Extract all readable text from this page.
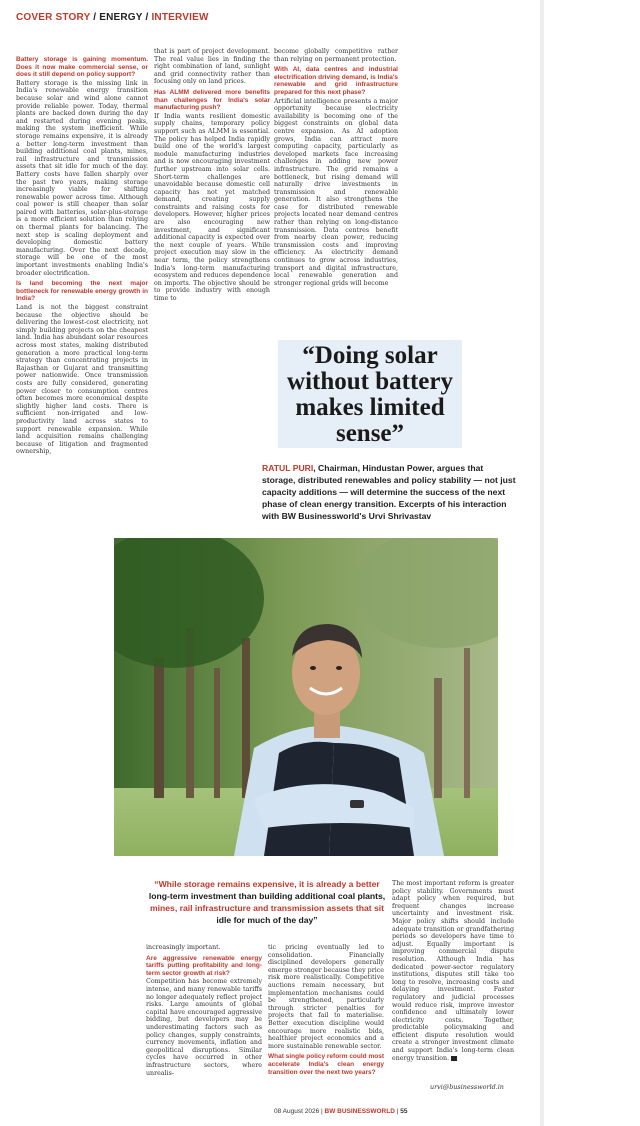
COVER STORY / ENERGY / INTERVIEW
Battery storage is gaining momentum. Does it now make commercial sense, or does it still depend on policy support?

Battery storage is the missing link in India's renewable energy transition because solar and wind alone cannot provide reliable power. Today, thermal plants are backed down during the day and restarted during evening peaks, making the system inefficient. While storage remains expensive, it is already a better long-term investment than building additional coal plants, mines, rail infrastructure and transmission assets that sit idle for much of the day. Battery costs have fallen sharply over the past two years, making storage increasingly viable for shifting renewable power across time. Although coal power is still cheaper than solar paired with batteries, solar-plus-storage is a more efficient solution than relying on thermal plants for balancing. The next step is scaling deployment and developing domestic battery manufacturing. Over the next decade, storage will be one of the most important investments enabling India's broader electrification.

Is land becoming the next major bottleneck for renewable energy growth in India?

Land is not the biggest constraint because the objective should be delivering the lowest-cost electricity, not simply building projects on the cheapest land. India has abundant solar resources across most states, making distributed generation a more practical long-term strategy than concentrating projects in Rajasthan or Gujarat and transmitting power nationwide. Once transmission costs are fully considered, generating power closer to consumption centres often becomes more economical despite slightly higher land costs. There is sufficient non-irrigated and low-productivity land across states to support renewable expansion. While land acquisition remains challenging because of litigation and fragmented ownership,

that is part of project development. The real value lies in finding the right combination of land, sunlight and grid connectivity rather than focusing only on land prices.

Has ALMM delivered more benefits than challenges for India's solar manufacturing push?

If India wants resilient domestic supply chains, temporary policy support such as ALMM is essential. The policy has helped India rapidly build one of the world's largest module manufacturing industries and is now encouraging investment further upstream into solar cells. Short-term challenges are unavoidable because domestic cell capacity has not yet matched demand, creating supply constraints and raising costs for developers. However, higher prices are also encouraging new investment, and significant additional capacity is expected over the next couple of years. While project execution may slow in the near term, the policy strengthens India's long-term manufacturing ecosystem and reduces dependence on imports. The objective should be to provide industry with enough time to

become globally competitive rather than relying on permanent protection.

With AI, data centres and industrial electrification driving demand, is India's renewable and grid infrastructure prepared for this next phase?

Artificial intelligence presents a major opportunity because electricity availability is becoming one of the biggest constraints on global data centre expansion. As AI adoption grows, India can attract more computing capacity, particularly as developed markets face increasing challenges in adding new power infrastructure. The grid remains a bottleneck, but rising demand will naturally drive investments in transmission and renewable generation. It also strengthens the case for distributed renewable projects located near demand centres rather than relying on long-distance transmission. Data centres benefit from nearby clean power, reducing transmission costs and improving efficiency. As electricity demand continues to grow across industries, transport and digital infrastructure, local renewable generation and stronger regional grids will become

“Doing solar without battery makes limited sense”
RATUL PURI, Chairman, Hindustan Power, argues that storage, distributed renewables and policy stability — not just capacity additions — will determine the success of the next phase of clean energy transition. Excerpts of his interaction with BW Businessworld's Urvi Shrivastav
“While storage remains expensive, it is already a better
long-term investment than building additional coal plants,
mines, rail infrastructure and transmission assets that sit
idle for much of the day”

increasingly important.

Are aggressive renewable energy tariffs putting profitability and long-term sector growth at risk?

Competition has become extremely intense, and many renewable tariffs no longer adequately reflect project risks. Large amounts of global capital have encouraged aggressive bidding, but developers may be underestimating factors such as policy changes, supply constraints, currency movements, inflation and geopolitical disruptions. Similar cycles have occurred in other infrastructure sectors, where unrealis-

tic pricing eventually led to consolidation. Financially disciplined developers generally emerge stronger because they price risk more realistically. Competitive auctions remain necessary, but implementation mechanisms could be strengthened, particularly through stricter penalties for projects that fail to materialise. Better execution discipline would encourage more realistic bids, healthier project economics and a more sustainable renewable sector.

What single policy reform could most accelerate India's clean energy transition over the next two years?

The most important reform is greater policy stability. Governments must adapt policy when required, but frequent changes increase uncertainty and investment risk. Major policy shifts should include adequate transition or grandfathering periods so developers have time to adjust. Equally important is improving commercial dispute resolution. Although India has dedicated power-sector regulatory institutions, disputes still take too long to resolve, increasing costs and delaying investment. Faster regulatory and judicial processes would reduce risk, improve investor confidence and ultimately lower electricity costs. Together, predictable policymaking and efficient dispute resolution would create a stronger investment climate and support India's long-term clean energy transition.

urvi@businessworld.in
08 August 2026 | BW BUSINESSWORLD 55
